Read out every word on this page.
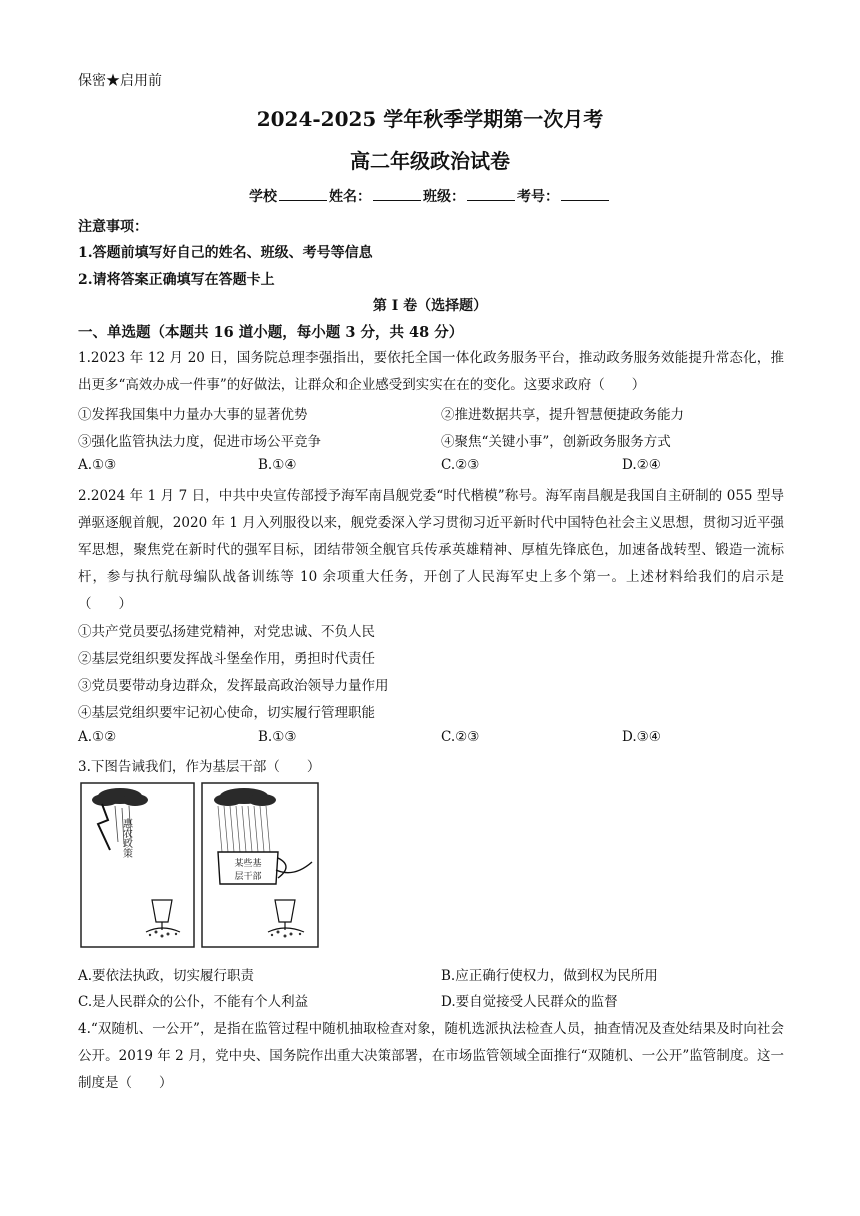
保密★启用前
2024-2025 学年秋季学期第一次月考
高二年级政治试卷
学校	姓名：	班级：	考号：
注意事项：
1.答题前填写好自己的姓名、班级、考号等信息
2.请将答案正确填写在答题卡上
第 I 卷（选择题）
一、单选题（本题共 16 道小题，每小题 3 分，共 48 分）
1.2023 年 12 月 20 日，国务院总理李强指出，要依托全国一体化政务服务平台，推动政务服务效能提升常态化，推出更多“高效办成一件事”的好做法，让群众和企业感受到实实在在的变化。这要求政府（　　）
①发挥我国集中力量办大事的显著优势	②推进数据共享，提升智慧便捷政务能力
③强化监管执法力度，促进市场公平竞争	④聚焦“关键小事”，创新政务服务方式
A.①③	B.①④	C.②③	D.②④
2.2024 年 1 月 7 日，中共中央宣传部授予海军南昌舰党委“时代楷模”称号。海军南昌舰是我国自主研制的 055 型导弹驱逐舰首舰，2020 年 1 月入列服役以来，舰党委深入学习贯彻习近平新时代中国特色社会主义思想，贯彻习近平强军思想，聚焦党在新时代的强军目标，团结带领全舰官兵传承英雄精神、厚植先锋底色，加速备战转型、锻造一流标杆，参与执行航母编队战备训练等 10 余项重大任务，开创了人民海军史上多个第一。上述材料给我们的启示是（　　）
①共产党员要弘扬建党精神，对党忠诚、不负人民
②基层党组织要发挥战斗堡垒作用，勇担时代责任
③党员要带动身边群众，发挥最高政治领导力量作用
④基层党组织要牢记初心使命，切实履行管理职能
A.①②	B.①③	C.②③	D.③④
3.下图告诫我们，作为基层干部（　　）
惠农政策
某些基
层干部
A.要依法执政，切实履行职责	B.应正确行使权力，做到权为民所用
C.是人民群众的公仆，不能有个人利益	D.要自觉接受人民群众的监督
4.“双随机、一公开”，是指在监管过程中随机抽取检查对象，随机选派执法检查人员，抽查情况及查处结果及时向社会公开。2019 年 2 月，党中央、国务院作出重大决策部署，在市场监管领域全面推行“双随机、一公开”监管制度。这一制度是（　　）
